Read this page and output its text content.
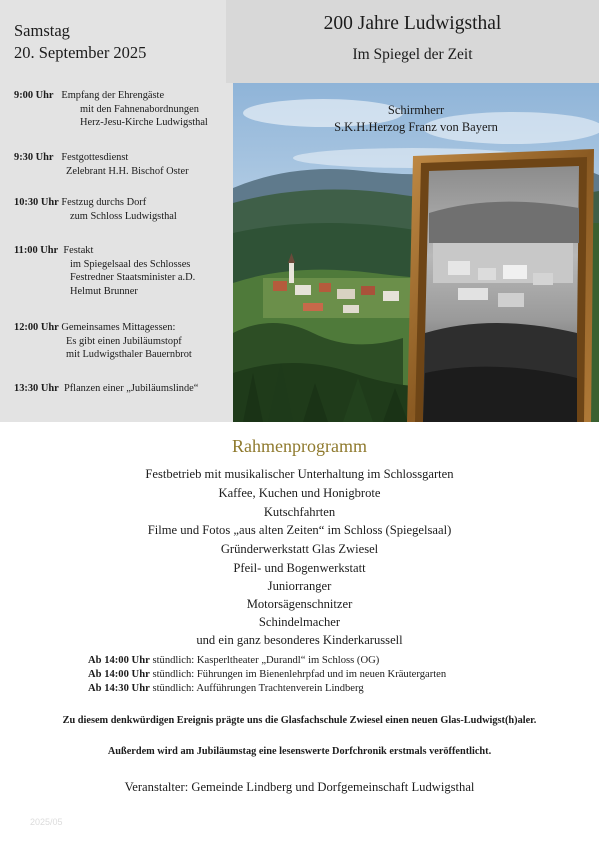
Samstag
20. September 2025
9:00 Uhr Empfang der Ehrengäste
mit den Fahnenabordnungen
Herz-Jesu-Kirche Ludwigsthal
9:30 Uhr Festgottesdienst
Zelebrant H.H. Bischof Oster
10:30 Uhr Festzug durchs Dorf
zum Schloss Ludwigsthal
11:00 Uhr Festakt
im Spiegelsaal des Schlosses
Festredner Staatsminister a.D.
Helmut Brunner
12:00 Uhr Gemeinsames Mittagessen:
Es gibt einen Jubiläumstopf
mit Ludwigsthaler Bauernbrot
13:30 Uhr Pflanzen einer „Jubiläumslinde“
200 Jahre Ludwigsthal
Im Spiegel der Zeit
Schirmherr
S.K.H.Herzog Franz von Bayern
Rahmenprogramm
Festbetrieb mit musikalischer Unterhaltung im Schlossgarten
Kaffee, Kuchen und Honigbrote
Kutschfahrten
Filme und Fotos „aus alten Zeiten“ im Schloss (Spiegelsaal)
Gründerwerkstatt Glas Zwiesel
Pfeil- und Bogenwerkstatt
Juniorranger
Motorsägenschnitzer
Schindelmacher
und ein ganz besonderes Kinderkarussell
Ab 14:00 Uhr stündlich: Kasperltheater „Durandl“ im Schloss (OG)
Ab 14:00 Uhr stündlich: Führungen im Bienenlehrpfad und im neuen Kräutergarten
Ab 14:30 Uhr stündlich: Aufführungen Trachtenverein Lindberg
Zu diesem denkwürdigen Ereignis prägte uns die Glasfachschule Zwiesel einen neuen Glas-Ludwigst(h)aler.
Außerdem wird am Jubiläumstag eine lesenswerte Dorfchronik erstmals veröffentlicht.
Veranstalter: Gemeinde Lindberg und Dorfgemeinschaft Ludwigsthal
2025/05
